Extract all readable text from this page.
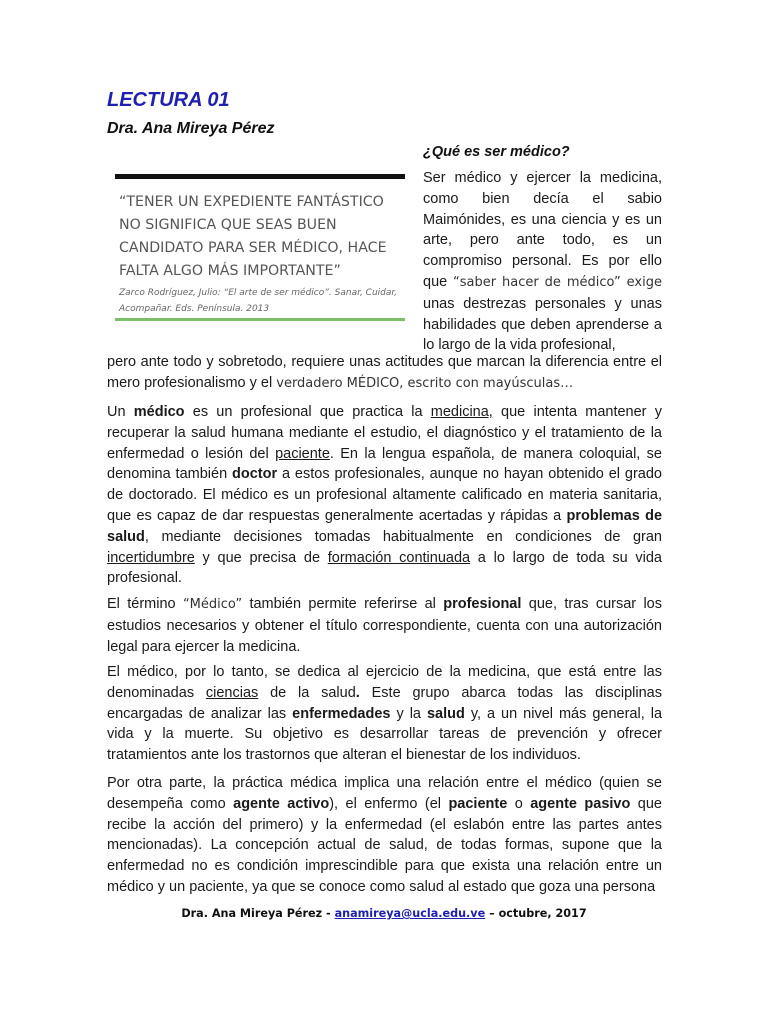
LECTURA 01
Dra. Ana Mireya Pérez
“TENER UN EXPEDIENTE FANTÁSTICO NO SIGNIFICA QUE SEAS BUEN CANDIDATO PARA SER MÉDICO, HACE FALTA ALGO MÁS IMPORTANTE”
Zarco Rodríguez, Julio: “El arte de ser médico”. Sanar, Cuidar, Acompañar. Eds. Península. 2013
¿Qué es ser médico?

Ser médico y ejercer la medicina, como bien decía el sabio Maimónides, es una ciencia y es un arte, pero ante todo, es un compromiso personal. Es por ello que “saber hacer de médico” exige unas destrezas personales y unas habilidades que deben aprenderse a lo largo de la vida profesional,

pero ante todo y sobretodo, requiere unas actitudes que marcan la diferencia entre el mero profesionalismo y el verdadero MÉDICO, escrito con mayúsculas…

Un médico es un profesional que practica la medicina, que intenta mantener y recuperar la salud humana mediante el estudio, el diagnóstico y el tratamiento de la enfermedad o lesión del paciente. En la lengua española, de manera coloquial, se denomina también doctor a estos profesionales, aunque no hayan obtenido el grado de doctorado. El médico es un profesional altamente calificado en materia sanitaria, que es capaz de dar respuestas generalmente acertadas y rápidas a problemas de salud, mediante decisiones tomadas habitualmente en condiciones de gran incertidumbre y que precisa de formación continuada a lo largo de toda su vida profesional.

El término “Médico” también permite referirse al profesional que, tras cursar los estudios necesarios y obtener el título correspondiente, cuenta con una autorización legal para ejercer la medicina.

El médico, por lo tanto, se dedica al ejercicio de la medicina, que está entre las denominadas ciencias de la salud. Este grupo abarca todas las disciplinas encargadas de analizar las enfermedades y la salud y, a un nivel más general, la vida y la muerte. Su objetivo es desarrollar tareas de prevención y ofrecer tratamientos ante los trastornos que alteran el bienestar de los individuos.

Por otra parte, la práctica médica implica una relación entre el médico (quien se desempeña como agente activo), el enfermo (el paciente o agente pasivo que recibe la acción del primero) y la enfermedad (el eslabón entre las partes antes mencionadas). La concepción actual de salud, de todas formas, supone que la enfermedad no es condición imprescindible para que exista una relación entre un médico y un paciente, ya que se conoce como salud al estado que goza una persona

Dra. Ana Mireya Pérez - anamireya@ucla.edu.ve – octubre, 2017
